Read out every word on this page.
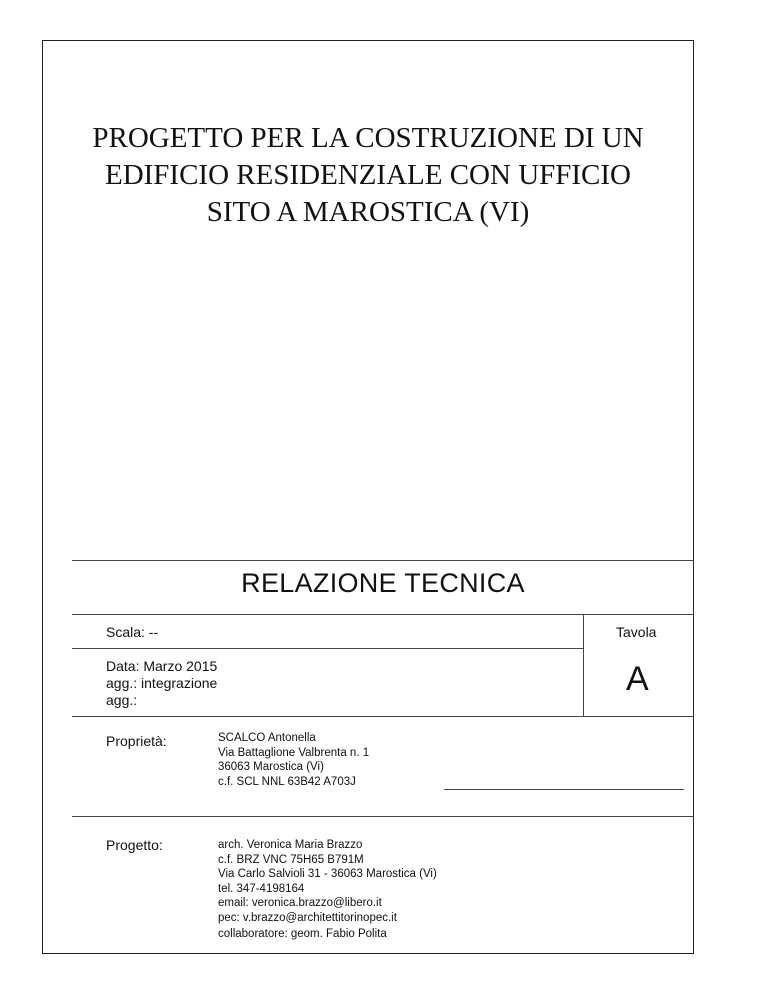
PROGETTO PER LA COSTRUZIONE DI UN
EDIFICIO RESIDENZIALE CON UFFICIO
SITO A MAROSTICA (VI)
RELAZIONE TECNICA
Scala: --	Tavola
A
Data: Marzo 2015
agg.: integrazione
agg.:
Proprietà:	SCALCO Antonella
Via Battaglione Valbrenta n. 1
36063 Marostica (Vi)
c.f. SCL NNL 63B42 A703J
Progetto:	arch. Veronica Maria Brazzo
c.f. BRZ VNC 75H65 B791M
Via Carlo Salvioli 31 - 36063 Marostica (Vi)
tel. 347-4198164
email: veronica.brazzo@libero.it
pec: v.brazzo@architettitorinopec.it
collaboratore: geom. Fabio Polita
